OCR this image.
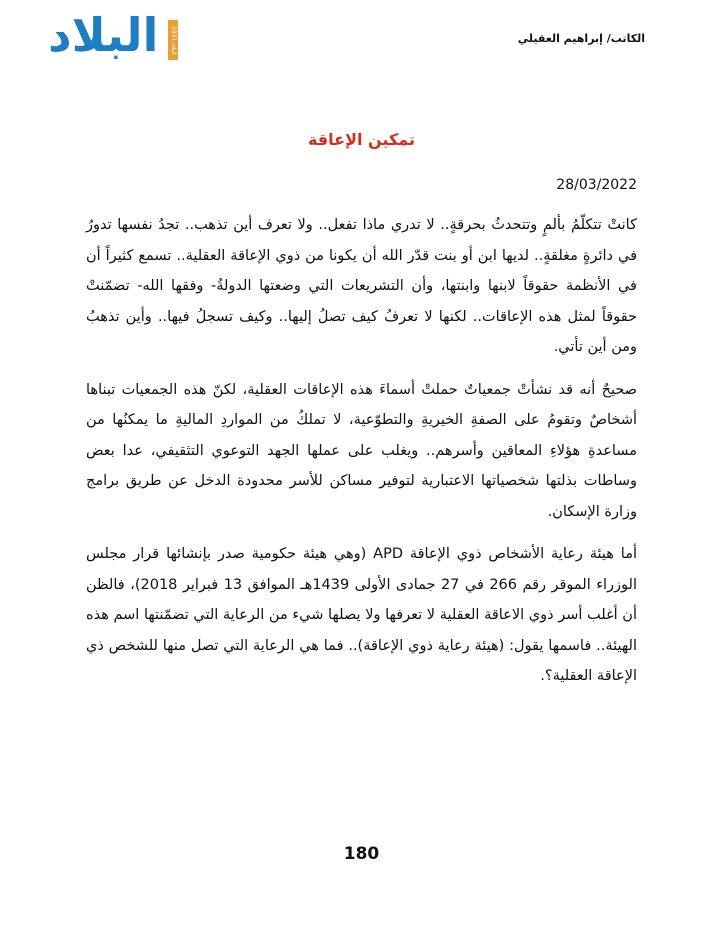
البلاد	1931 البلاد
الكاتب/ إبراهيم العقيلي
تمكين الإعاقة
28/03/2022

كانتْ تتكلّمُ بألمٍ وتتحدثُ بحرقةٍ.. لا تدري ماذا تفعل.. ولا تعرف أين تذهب.. تجدُ نفسها تدورُ في دائرةٍ مغلقةٍ.. لديها ابن أو بنت قدّر الله أن يكونا من ذوي الإعاقة العقلية.. تسمع كثيراً أن في الأنظمة حقوقاً لابنها وابنتها، وأن التشريعات التي وضعتها الدولةُ- وفقها الله- تضمّنتْ حقوقاً لمثل هذه الإعاقات.. لكنها لا تعرفُ كيف تصلُ إليها.. وكيف تسجلُ فيها.. وأين تذهبُ ومن أين تأتي.

صحيحٌ أنه قد نشأتْ جمعياتٌ حملتْ أسماءَ هذه الإعاقات العقلية، لكنّ هذه الجمعيات تبناها أشخاصٌ وتقومُ على الصفةِ الخيريةِ والتطوّعية، لا تملكُ من المواردِ الماليةِ ما يمكنُها من مساعدةِ هؤلاءِ المعاقين وأسرهم.. ويغلب على عملها الجهد التوعوي التثقيفي، عدا بعض وساطات بذلتها شخصياتها الاعتبارية لتوفير مساكن للأسر محدودة الدخل عن طريق برامج وزارة الإسكان.

أما هيئة رعاية الأشخاص ذوي الإعاقة APD (وهي هيئة حكومية صدر بإنشائها قرار مجلس الوزراء الموقر رقم 266 في 27 جمادى الأولى 1439هـ الموافق 13 فبراير 2018)، فالظن أن أغلب أسر ذوي الاعاقة العقلية لا تعرفها ولا يصلها شيء من الرعاية التي تضمّنتها اسم هذه الهيئة.. فاسمها يقول: (هيئة رعاية ذوي الإعاقة).. فما هي الرعاية التي تصل منها للشخص ذي الإعاقة العقلية؟.

180
